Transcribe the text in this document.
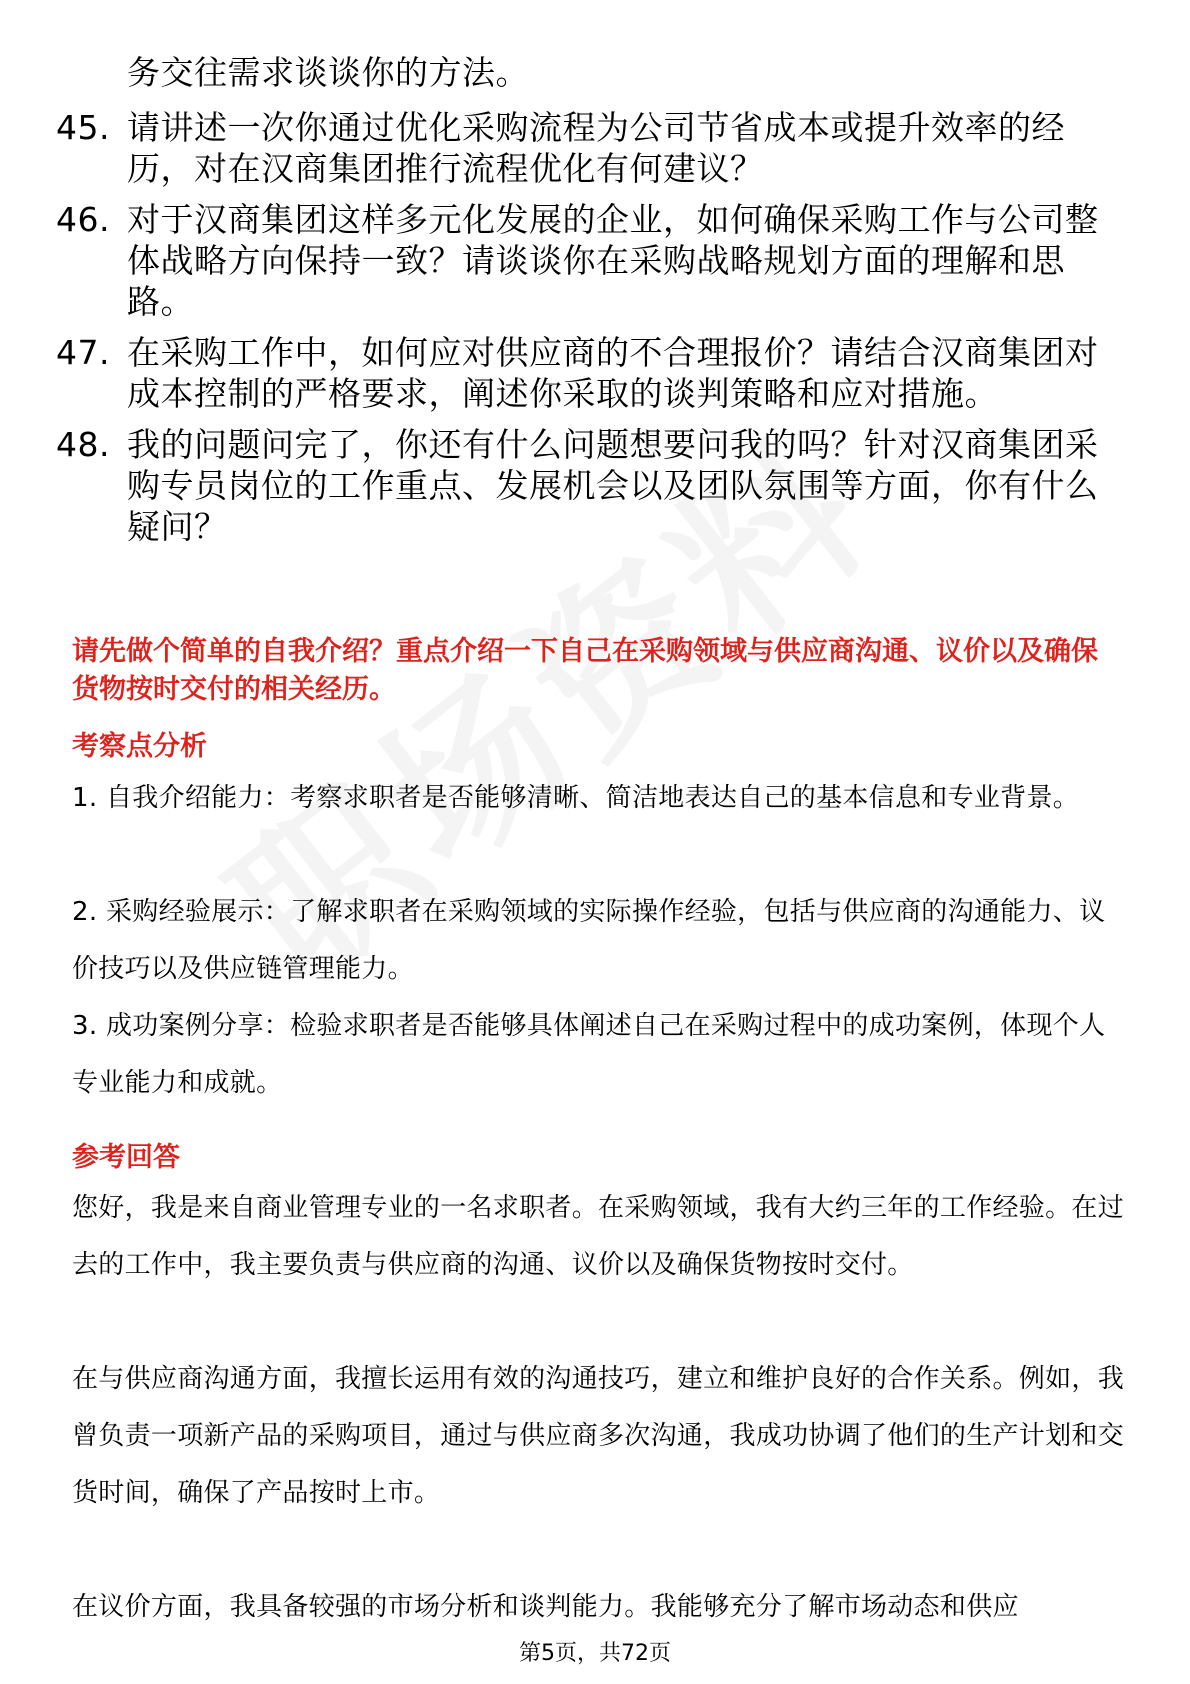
务交往需求谈谈你的方法。
45. 请讲述一次你通过优化采购流程为公司节省成本或提升效率的经历，对在汉商集团推行流程优化有何建议？
46. 对于汉商集团这样多元化发展的企业，如何确保采购工作与公司整体战略方向保持一致？请谈谈你在采购战略规划方面的理解和思路。
47. 在采购工作中，如何应对供应商的不合理报价？请结合汉商集团对成本控制的严格要求，阐述你采取的谈判策略和应对措施。
48. 我的问题问完了，你还有什么问题想要问我的吗？针对汉商集团采购专员岗位的工作重点、发展机会以及团队氛围等方面，你有什么疑问？
请先做个简单的自我介绍？重点介绍一下自己在采购领域与供应商沟通、议价以及确保货物按时交付的相关经历。
考察点分析
1. 自我介绍能力：考察求职者是否能够清晰、简洁地表达自己的基本信息和专业背景。
2. 采购经验展示：了解求职者在采购领域的实际操作经验，包括与供应商的沟通能力、议价技巧以及供应链管理能力。
3. 成功案例分享：检验求职者是否能够具体阐述自己在采购过程中的成功案例，体现个人专业能力和成就。
参考回答
您好，我是来自商业管理专业的一名求职者。在采购领域，我有大约三年的工作经验。在过去的工作中，我主要负责与供应商的沟通、议价以及确保货物按时交付。
在与供应商沟通方面，我擅长运用有效的沟通技巧，建立和维护良好的合作关系。例如，我曾负责一项新产品的采购项目，通过与供应商多次沟通，我成功协调了他们的生产计划和交货时间，确保了产品按时上市。
在议价方面，我具备较强的市场分析和谈判能力。我能够充分了解市场动态和供应
第5页，共72页
